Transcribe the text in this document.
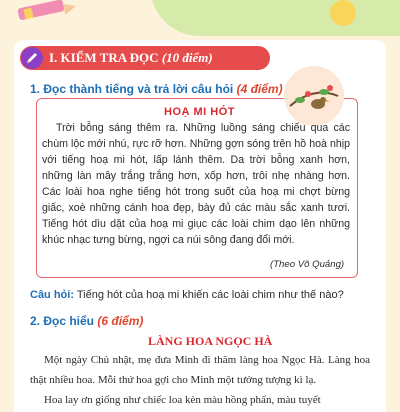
I. KIỂM TRA ĐỌC (10 điểm)
1. Đọc thành tiếng và trả lời câu hỏi (4 điểm)
HOẠ MI HÓT

Trời bỗng sáng thêm ra. Những luồng sáng chiếu qua các chùm lộc mới nhú, rực rỡ hơn. Những gợn sóng trên hồ hoà nhịp với tiếng hoạ mi hót, lấp lánh thêm. Da trời bỗng xanh hơn, những làn mây trắng trắng hơn, xốp hơn, trôi nhẹ nhàng hơn. Các loài hoa nghe tiếng hót trong suốt của hoạ mi chợt bừng giấc, xoè những cánh hoa đẹp, bày đủ các màu sắc xanh tươi. Tiếng hót dìu dặt của hoạ mi giục các loài chim dạo lên những khúc nhạc tưng bừng, ngợi ca núi sông đang đổi mới.

(Theo Võ Quảng)
Câu hỏi: Tiếng hót của hoạ mi khiến các loài chim như thế nào?
2. Đọc hiểu (6 điểm)
LÀNG HOA NGỌC HÀ

Một ngày Chủ nhật, mẹ đưa Minh đi thăm làng hoa Ngọc Hà. Làng hoa thật nhiều hoa. Mỗi thứ hoa gợi cho Minh một tưởng tượng kì lạ.

Hoa lay ơn giống như chiếc loa kèn màu hồng phấn, màu tuyết
